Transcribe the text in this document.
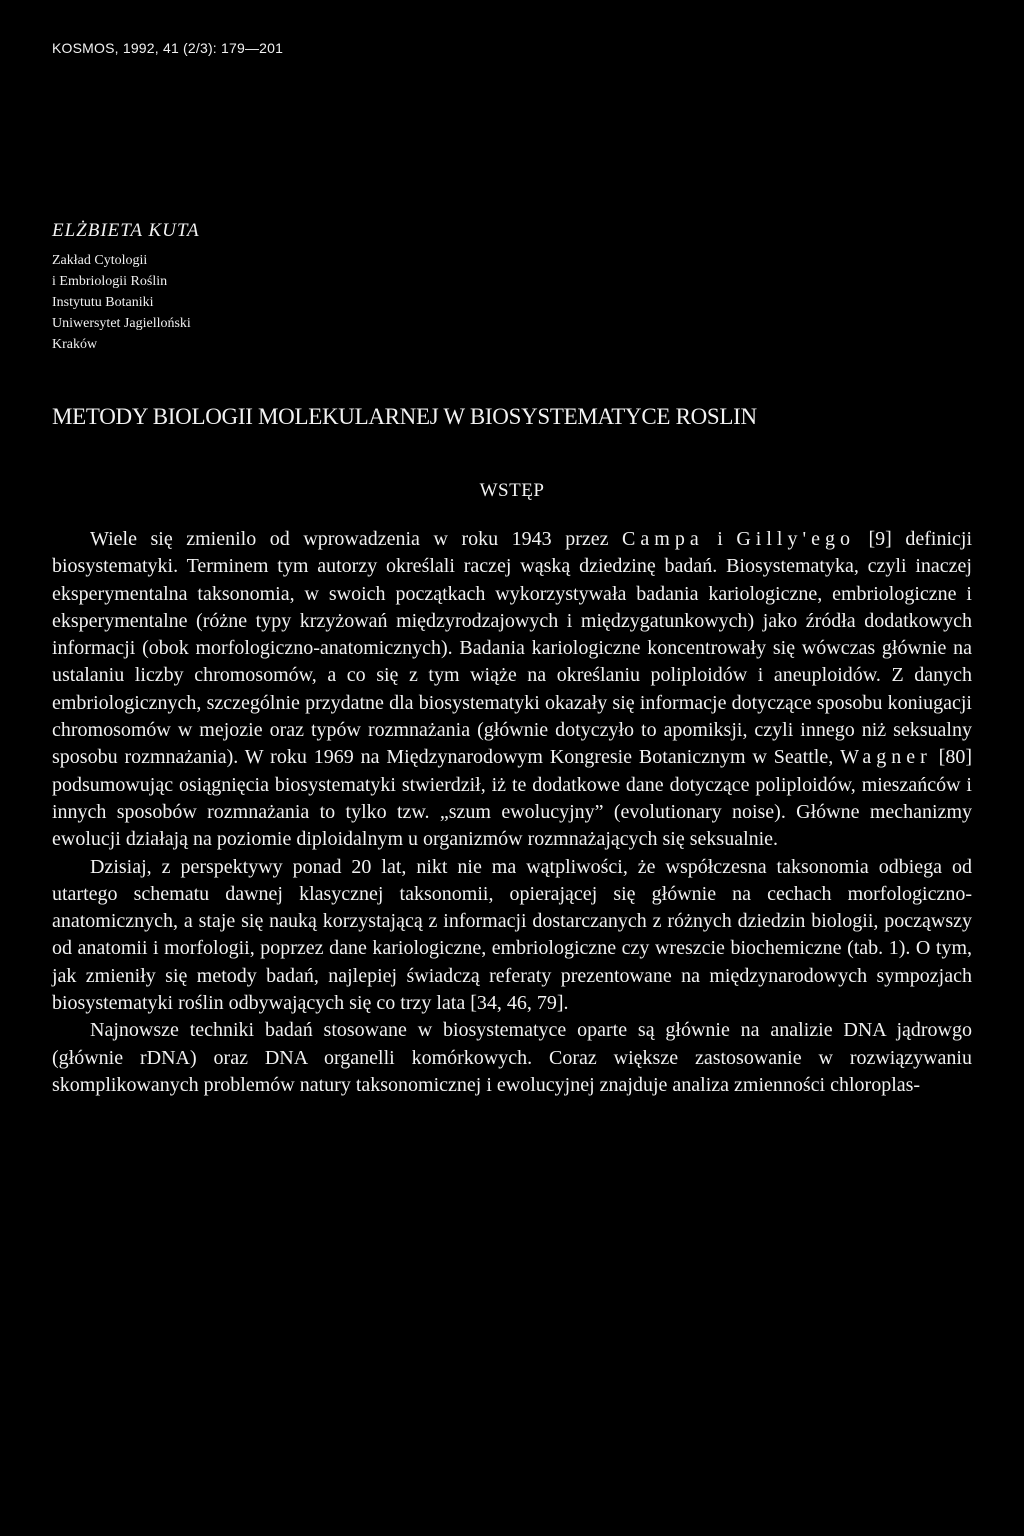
KOSMOS, 1992, 41 (2/3): 179—201
ELŻBIETA KUTA
Zakład Cytologii
i Embriologii Roślin
Instytutu Botaniki
Uniwersytet Jagielloński
Kraków
METODY BIOLOGII MOLEKULARNEJ W BIOSYSTEMATYCE ROSLIN
WSTĘP

Wiele się zmienilo od wprowadzenia w roku 1943 przez Campa i Gilly'ego [9] definicji biosystematyki. Terminem tym autorzy określali raczej wąską dziedzinę badań. Biosystematyka, czyli inaczej eksperymentalna taksonomia, w swoich początkach wykorzystywała badania kariologiczne, embriologiczne i eksperymentalne (różne typy krzyżowań międzyrodzajowych i międzygatunkowych) jako źródła dodatkowych informacji (obok morfologiczno-anatomicznych). Badania kariologiczne koncentrowały się wówczas głównie na ustalaniu liczby chromosomów, a co się z tym wiąże na określaniu poliploidów i aneuploidów. Z danych embriologicznych, szczególnie przydatne dla biosystematyki okazały się informacje dotyczące sposobu koniugacji chromosomów w mejozie oraz typów rozmnażania (głównie dotyczyło to apomiksji, czyli innego niż seksualny sposobu rozmnażania). W roku 1969 na Międzynarodowym Kongresie Botanicznym w Seattle, Wagner [80] podsumowując osiągnięcia biosystematyki stwierdził, iż te dodatkowe dane dotyczące poliploidów, mieszańców i innych sposobów rozmnażania to tylko tzw. „szum ewolucyjny” (evolutionary noise). Główne mechanizmy ewolucji działają na poziomie diploidalnym u organizmów rozmnażających się seksualnie.

Dzisiaj, z perspektywy ponad 20 lat, nikt nie ma wątpliwości, że współczesna taksonomia odbiega od utartego schematu dawnej klasycznej taksonomii, opierającej się głównie na cechach morfologiczno-anatomicznych, a staje się nauką korzystającą z informacji dostarczanych z różnych dziedzin biologii, począwszy od anatomii i morfologii, poprzez dane kariologiczne, embriologiczne czy wreszcie biochemiczne (tab. 1). O tym, jak zmieniły się metody badań, najlepiej świadczą referaty prezentowane na międzynarodowych sympozjach biosystematyki roślin odbywających się co trzy lata [34, 46, 79].

Najnowsze techniki badań stosowane w biosystematyce oparte są głównie na analizie DNA jądrowgo (głównie rDNA) oraz DNA organelli komórkowych. Coraz większe zastosowanie w rozwiązywaniu skomplikowanych problemów natury taksonomicznej i ewolucyjnej znajduje analiza zmienności chloroplas-
